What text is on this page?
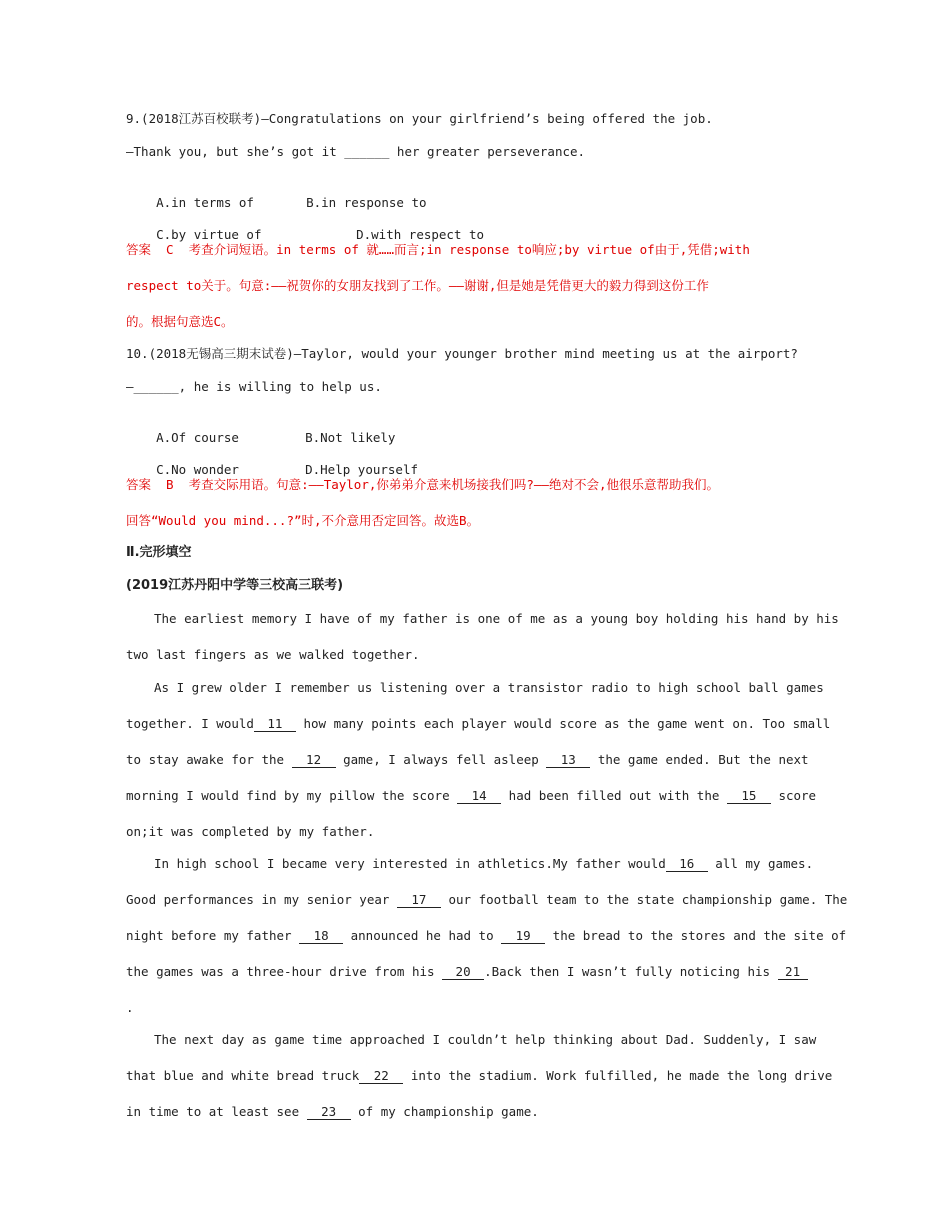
9.(2018江苏百校联考)—Congratulations on your girlfriend’s being offered the job.
—Thank you, but she’s got it ______ her greater perseverance.

A.in terms of	B.in response to

C.by virtue of	D.with respect to

答案  C  考查介词短语。in terms of 就……而言;in response to响应;by virtue of由于,凭借;with
respect to关于。句意:——祝贺你的女朋友找到了工作。——谢谢,但是她是凭借更大的毅力得到这份工作
的。根据句意选C。
10.(2018无锡高三期末试卷)—Taylor, would your younger brother mind meeting us at the airport?
—______, he is willing to help us.

A.Of course	B.Not likely

C.No wonder	D.Help yourself

答案  B  考查交际用语。句意:——Taylor,你弟弟介意来机场接我们吗?——绝对不会,他很乐意帮助我们。
回答“Would you mind...?”时,不介意用否定回答。故选B。
Ⅱ.完形填空
(2019江苏丹阳中学等三校高三联考)
The earliest memory I have of my father is one of me as a young boy holding his hand by his
two last fingers as we walked together.
As I grew older I remember us listening over a transistor radio to high school ball games
together. I would 11 how many points each player would score as the game went on. Too small
to stay awake for the 12 game, I always fell asleep 13 the game ended. But the next
morning I would find by my pillow the score 14 had been filled out with the 15 score
on;it was completed by my father.
In high school I became very interested in athletics.My father would 16 all my games.
Good performances in my senior year 17 our football team to the state championship game. The
night before my father 18 announced he had to 19 the bread to the stores and the site of
the games was a three-hour drive from his 20 .Back then I wasn’t fully noticing his 21
.
The next day as game time approached I couldn’t help thinking about Dad. Suddenly, I saw
that blue and white bread truck 22 into the stadium. Work fulfilled, he made the long drive
in time to at least see 23 of my championship game.
